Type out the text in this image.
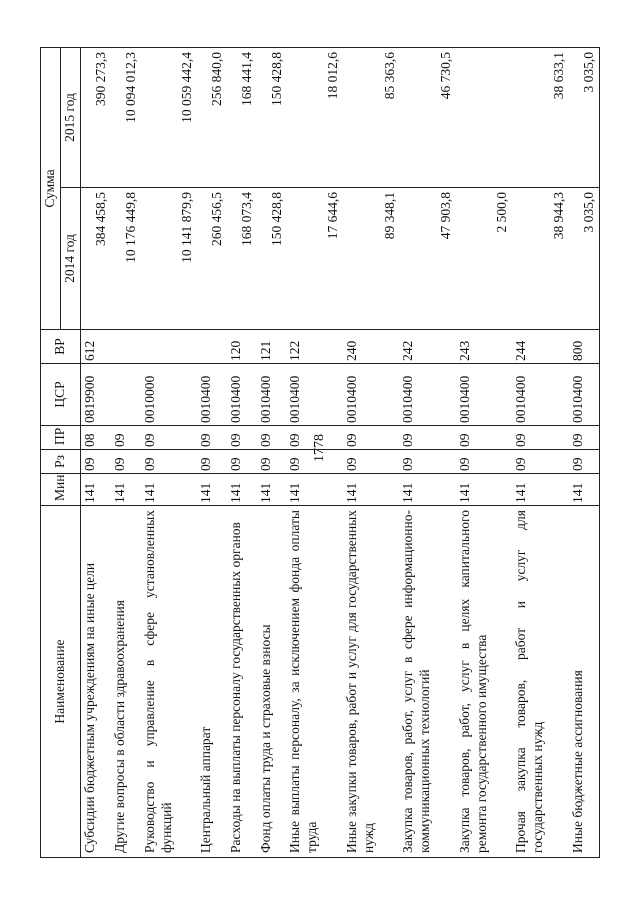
1778
Наименование	Мин	Рз	ПР	ЦСР	ВР	Сумма	
						2014 год	2015 год
Субсидии бюджетным учреждениям на иные цели	141	09	08	0819900	612	384 458,5	390 273,3
Другие вопросы в области здравоохранения	141	09	09			10 176 449,8	10 094 012,3
Руководство и управление в сфере установленных функций	141	09	09	0010000		10 141 879,9	10 059 442,4
Центральный аппарат	141	09	09	0010400		260 456,5	256 840,0
Расходы на выплаты персоналу государственных органов	141	09	09	0010400	120	168 073,4	168 441,4
Фонд оплаты труда и страховые взносы	141	09	09	0010400	121	150 428,8	150 428,8
Иные выплаты персоналу, за исключением фонда оплаты труда	141	09	09	0010400	122	17 644,6	18 012,6
Иные закупки товаров, работ и услуг для государственных нужд	141	09	09	0010400	240	89 348,1	85 363,6
Закупка товаров, работ, услуг в сфере информационно-коммуникационных технологий	141	09	09	0010400	242	47 903,8	46 730,5
Закупка товаров, работ, услуг в целях капитального ремонта государственного имущества	141	09	09	0010400	243	2 500,0	
Прочая закупка товаров, работ и услуг для государственных нужд	141	09	09	0010400	244	38 944,3	38 633,1
Иные бюджетные ассигнования	141	09	09	0010400	800	3 035,0	3 035,0
